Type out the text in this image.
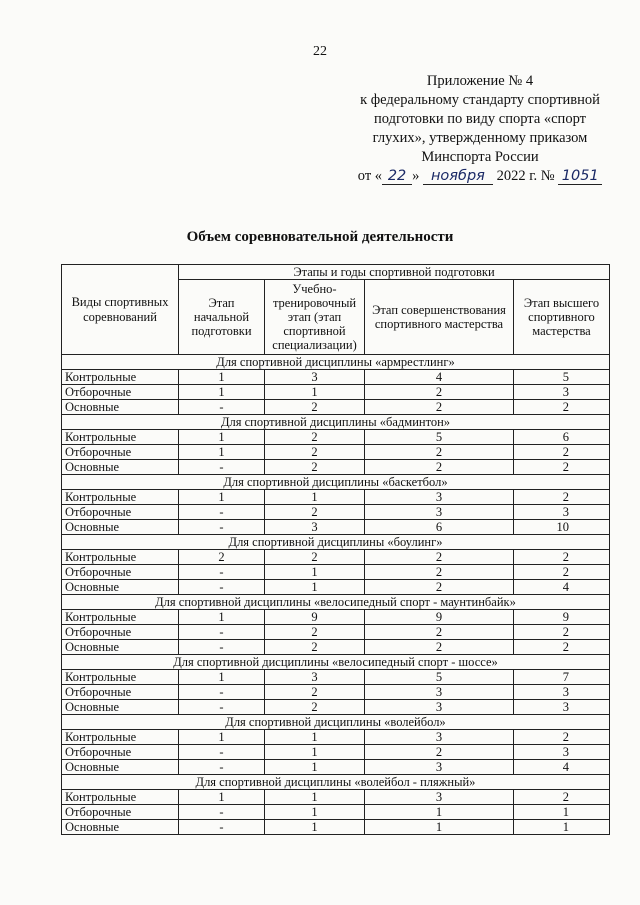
22
Приложение № 4
к федеральному стандарту спортивной
подготовки по виду спорта «спорт
глухих», утвержденному приказом
Минспорта России
от « 22 » ноября 2022 г. № 1051
Объем соревновательной деятельности
Виды спортивных соревнований	Этапы и годы спортивной подготовки			
	Этап начальной подготовки	Учебно-тренировочный этап (этап спортивной специализации)	Этап совершенствования спортивного мастерства	Этап высшего спортивного мастерства
Для спортивной дисциплины «армрестлинг»				
Контрольные	1	3	4	5
Отборочные	1	1	2	3
Основные	-	2	2	2
Для спортивной дисциплины «бадминтон»				
Контрольные	1	2	5	6
Отборочные	1	2	2	2
Основные	-	2	2	2
Для спортивной дисциплины «баскетбол»				
Контрольные	1	1	3	2
Отборочные	-	2	3	3
Основные	-	3	6	10
Для спортивной дисциплины «боулинг»				
Контрольные	2	2	2	2
Отборочные	-	1	2	2
Основные	-	1	2	4
Для спортивной дисциплины «велосипедный спорт - маунтинбайк»				
Контрольные	1	9	9	9
Отборочные	-	2	2	2
Основные	-	2	2	2
Для спортивной дисциплины «велосипедный спорт - шоссе»				
Контрольные	1	3	5	7
Отборочные	-	2	3	3
Основные	-	2	3	3
Для спортивной дисциплины «волейбол»				
Контрольные	1	1	3	2
Отборочные	-	1	2	3
Основные	-	1	3	4
Для спортивной дисциплины «волейбол - пляжный»				
Контрольные	1	1	3	2
Отборочные	-	1	1	1
Основные	-	1	1	1
